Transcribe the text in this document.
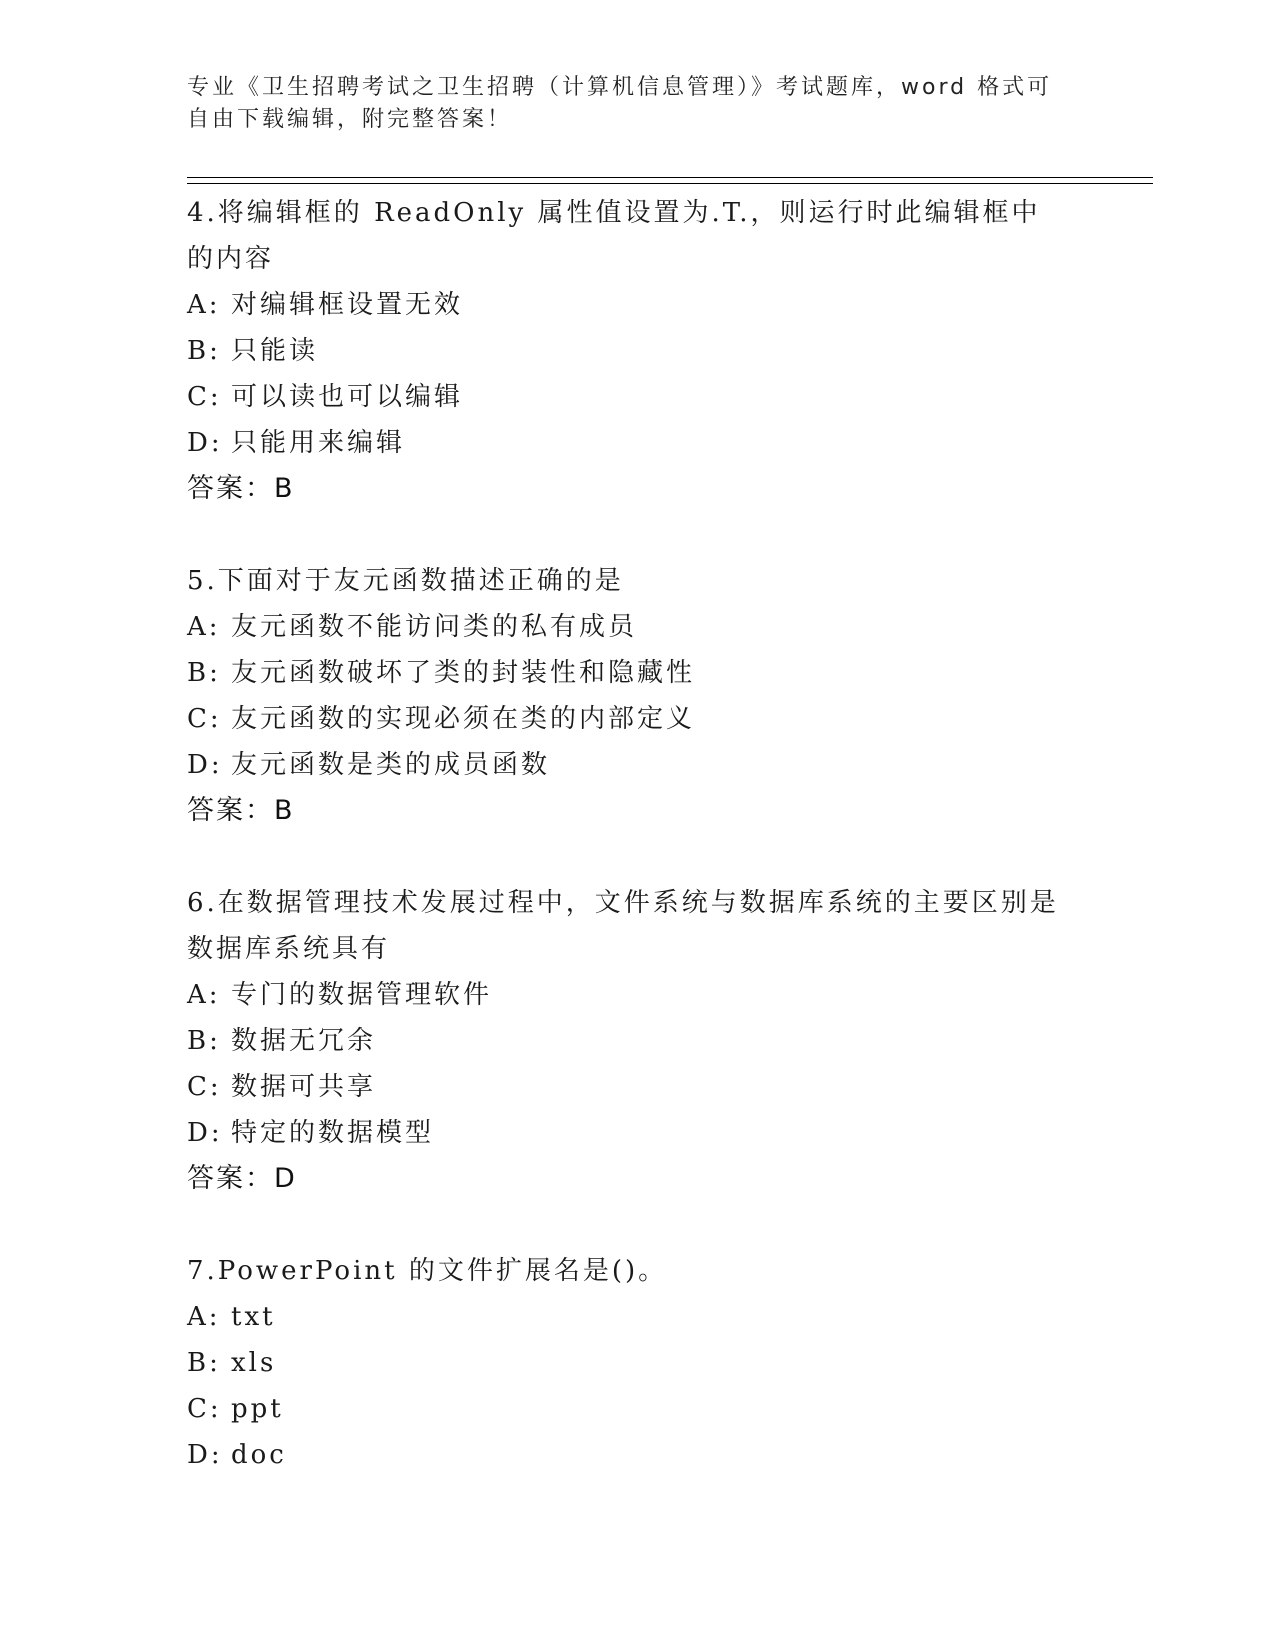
专业《卫生招聘考试之卫生招聘（计算机信息管理）》考试题库，word 格式可自由下载编辑，附完整答案！
4.将编辑框的 ReadOnly 属性值设置为.T.，则运行时此编辑框中的内容
A: 对编辑框设置无效
B: 只能读
C: 可以读也可以编辑
D: 只能用来编辑
答案：B
5.下面对于友元函数描述正确的是
A: 友元函数不能访问类的私有成员
B: 友元函数破坏了类的封装性和隐藏性
C: 友元函数的实现必须在类的内部定义
D: 友元函数是类的成员函数
答案：B
6.在数据管理技术发展过程中，文件系统与数据库系统的主要区别是数据库系统具有
A: 专门的数据管理软件
B: 数据无冗余
C: 数据可共享
D: 特定的数据模型
答案：D
7.PowerPoint 的文件扩展名是()。
A: txt
B: xls
C: ppt
D: doc
